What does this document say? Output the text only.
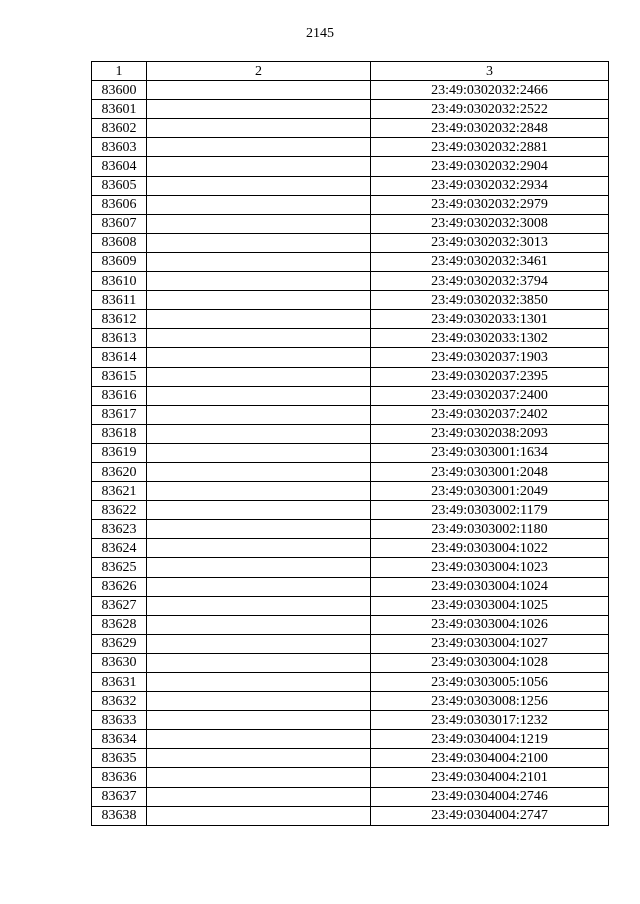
2145
1	2	3
83600		23:49:0302032:2466
83601		23:49:0302032:2522
83602		23:49:0302032:2848
83603		23:49:0302032:2881
83604		23:49:0302032:2904
83605		23:49:0302032:2934
83606		23:49:0302032:2979
83607		23:49:0302032:3008
83608		23:49:0302032:3013
83609		23:49:0302032:3461
83610		23:49:0302032:3794
83611		23:49:0302032:3850
83612		23:49:0302033:1301
83613		23:49:0302033:1302
83614		23:49:0302037:1903
83615		23:49:0302037:2395
83616		23:49:0302037:2400
83617		23:49:0302037:2402
83618		23:49:0302038:2093
83619		23:49:0303001:1634
83620		23:49:0303001:2048
83621		23:49:0303001:2049
83622		23:49:0303002:1179
83623		23:49:0303002:1180
83624		23:49:0303004:1022
83625		23:49:0303004:1023
83626		23:49:0303004:1024
83627		23:49:0303004:1025
83628		23:49:0303004:1026
83629		23:49:0303004:1027
83630		23:49:0303004:1028
83631		23:49:0303005:1056
83632		23:49:0303008:1256
83633		23:49:0303017:1232
83634		23:49:0304004:1219
83635		23:49:0304004:2100
83636		23:49:0304004:2101
83637		23:49:0304004:2746
83638		23:49:0304004:2747
